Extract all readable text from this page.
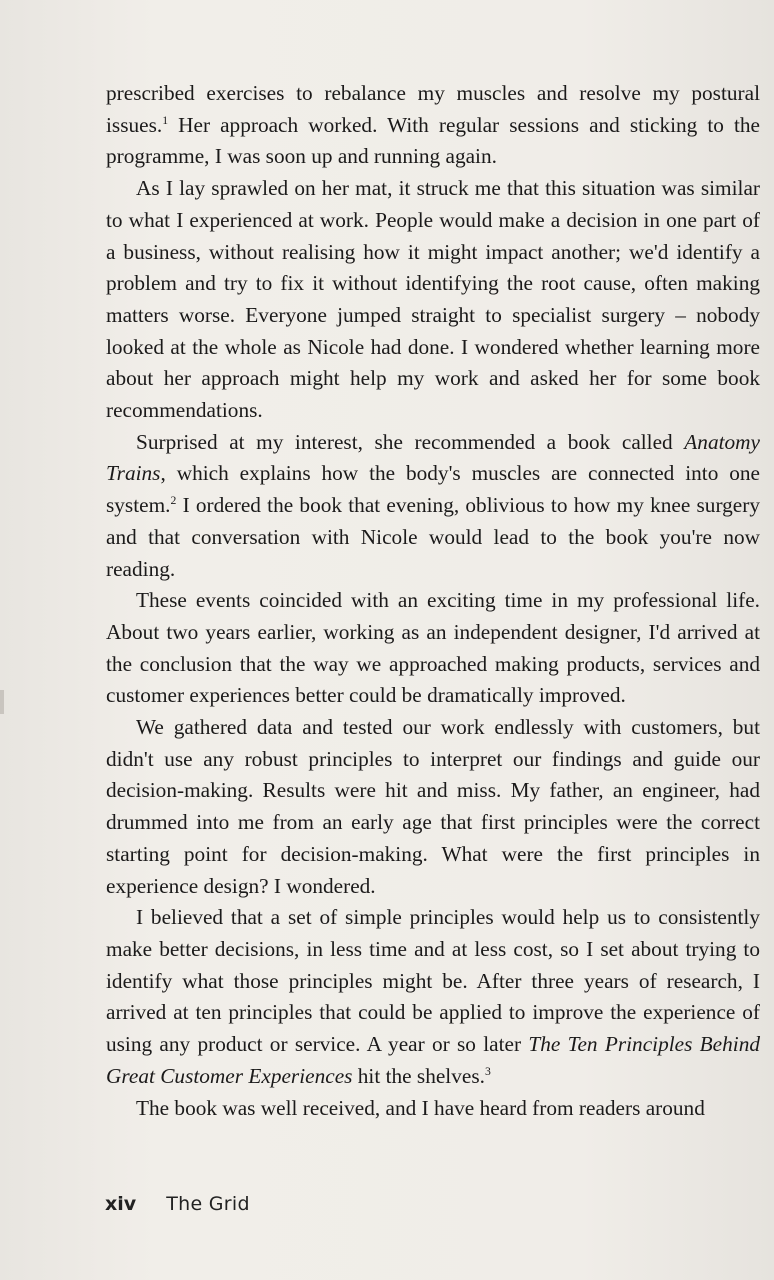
prescribed exercises to rebalance my muscles and resolve my postural issues.$^1$ Her approach worked. With regular sessions and sticking to the programme, I was soon up and running again.

As I lay sprawled on her mat, it struck me that this situation was similar to what I experienced at work. People would make a decision in one part of a business, without realising how it might impact another; we'd identify a problem and try to fix it without identifying the root cause, often making matters worse. Everyone jumped straight to specialist surgery – nobody looked at the whole as Nicole had done. I wondered whether learning more about her approach might help my work and asked her for some book recommendations.

Surprised at my interest, she recommended a book called Anatomy Trains, which explains how the body's muscles are connected into one system.$^2$ I ordered the book that evening, oblivious to how my knee surgery and that conversation with Nicole would lead to the book you're now reading.

These events coincided with an exciting time in my professional life. About two years earlier, working as an independent designer, I'd arrived at the conclusion that the way we approached making products, services and customer experiences better could be dramatically improved.

We gathered data and tested our work endlessly with customers, but didn't use any robust principles to interpret our findings and guide our decision-making. Results were hit and miss. My father, an engineer, had drummed into me from an early age that first principles were the correct starting point for decision-making. What were the first principles in experience design? I wondered.

I believed that a set of simple principles would help us to consistently make better decisions, in less time and at less cost, so I set about trying to identify what those principles might be. After three years of research, I arrived at ten principles that could be applied to improve the experience of using any product or service. A year or so later The Ten Principles Behind Great Customer Experiences hit the shelves.$^3$

The book was well received, and I have heard from readers around

xiv The Grid
